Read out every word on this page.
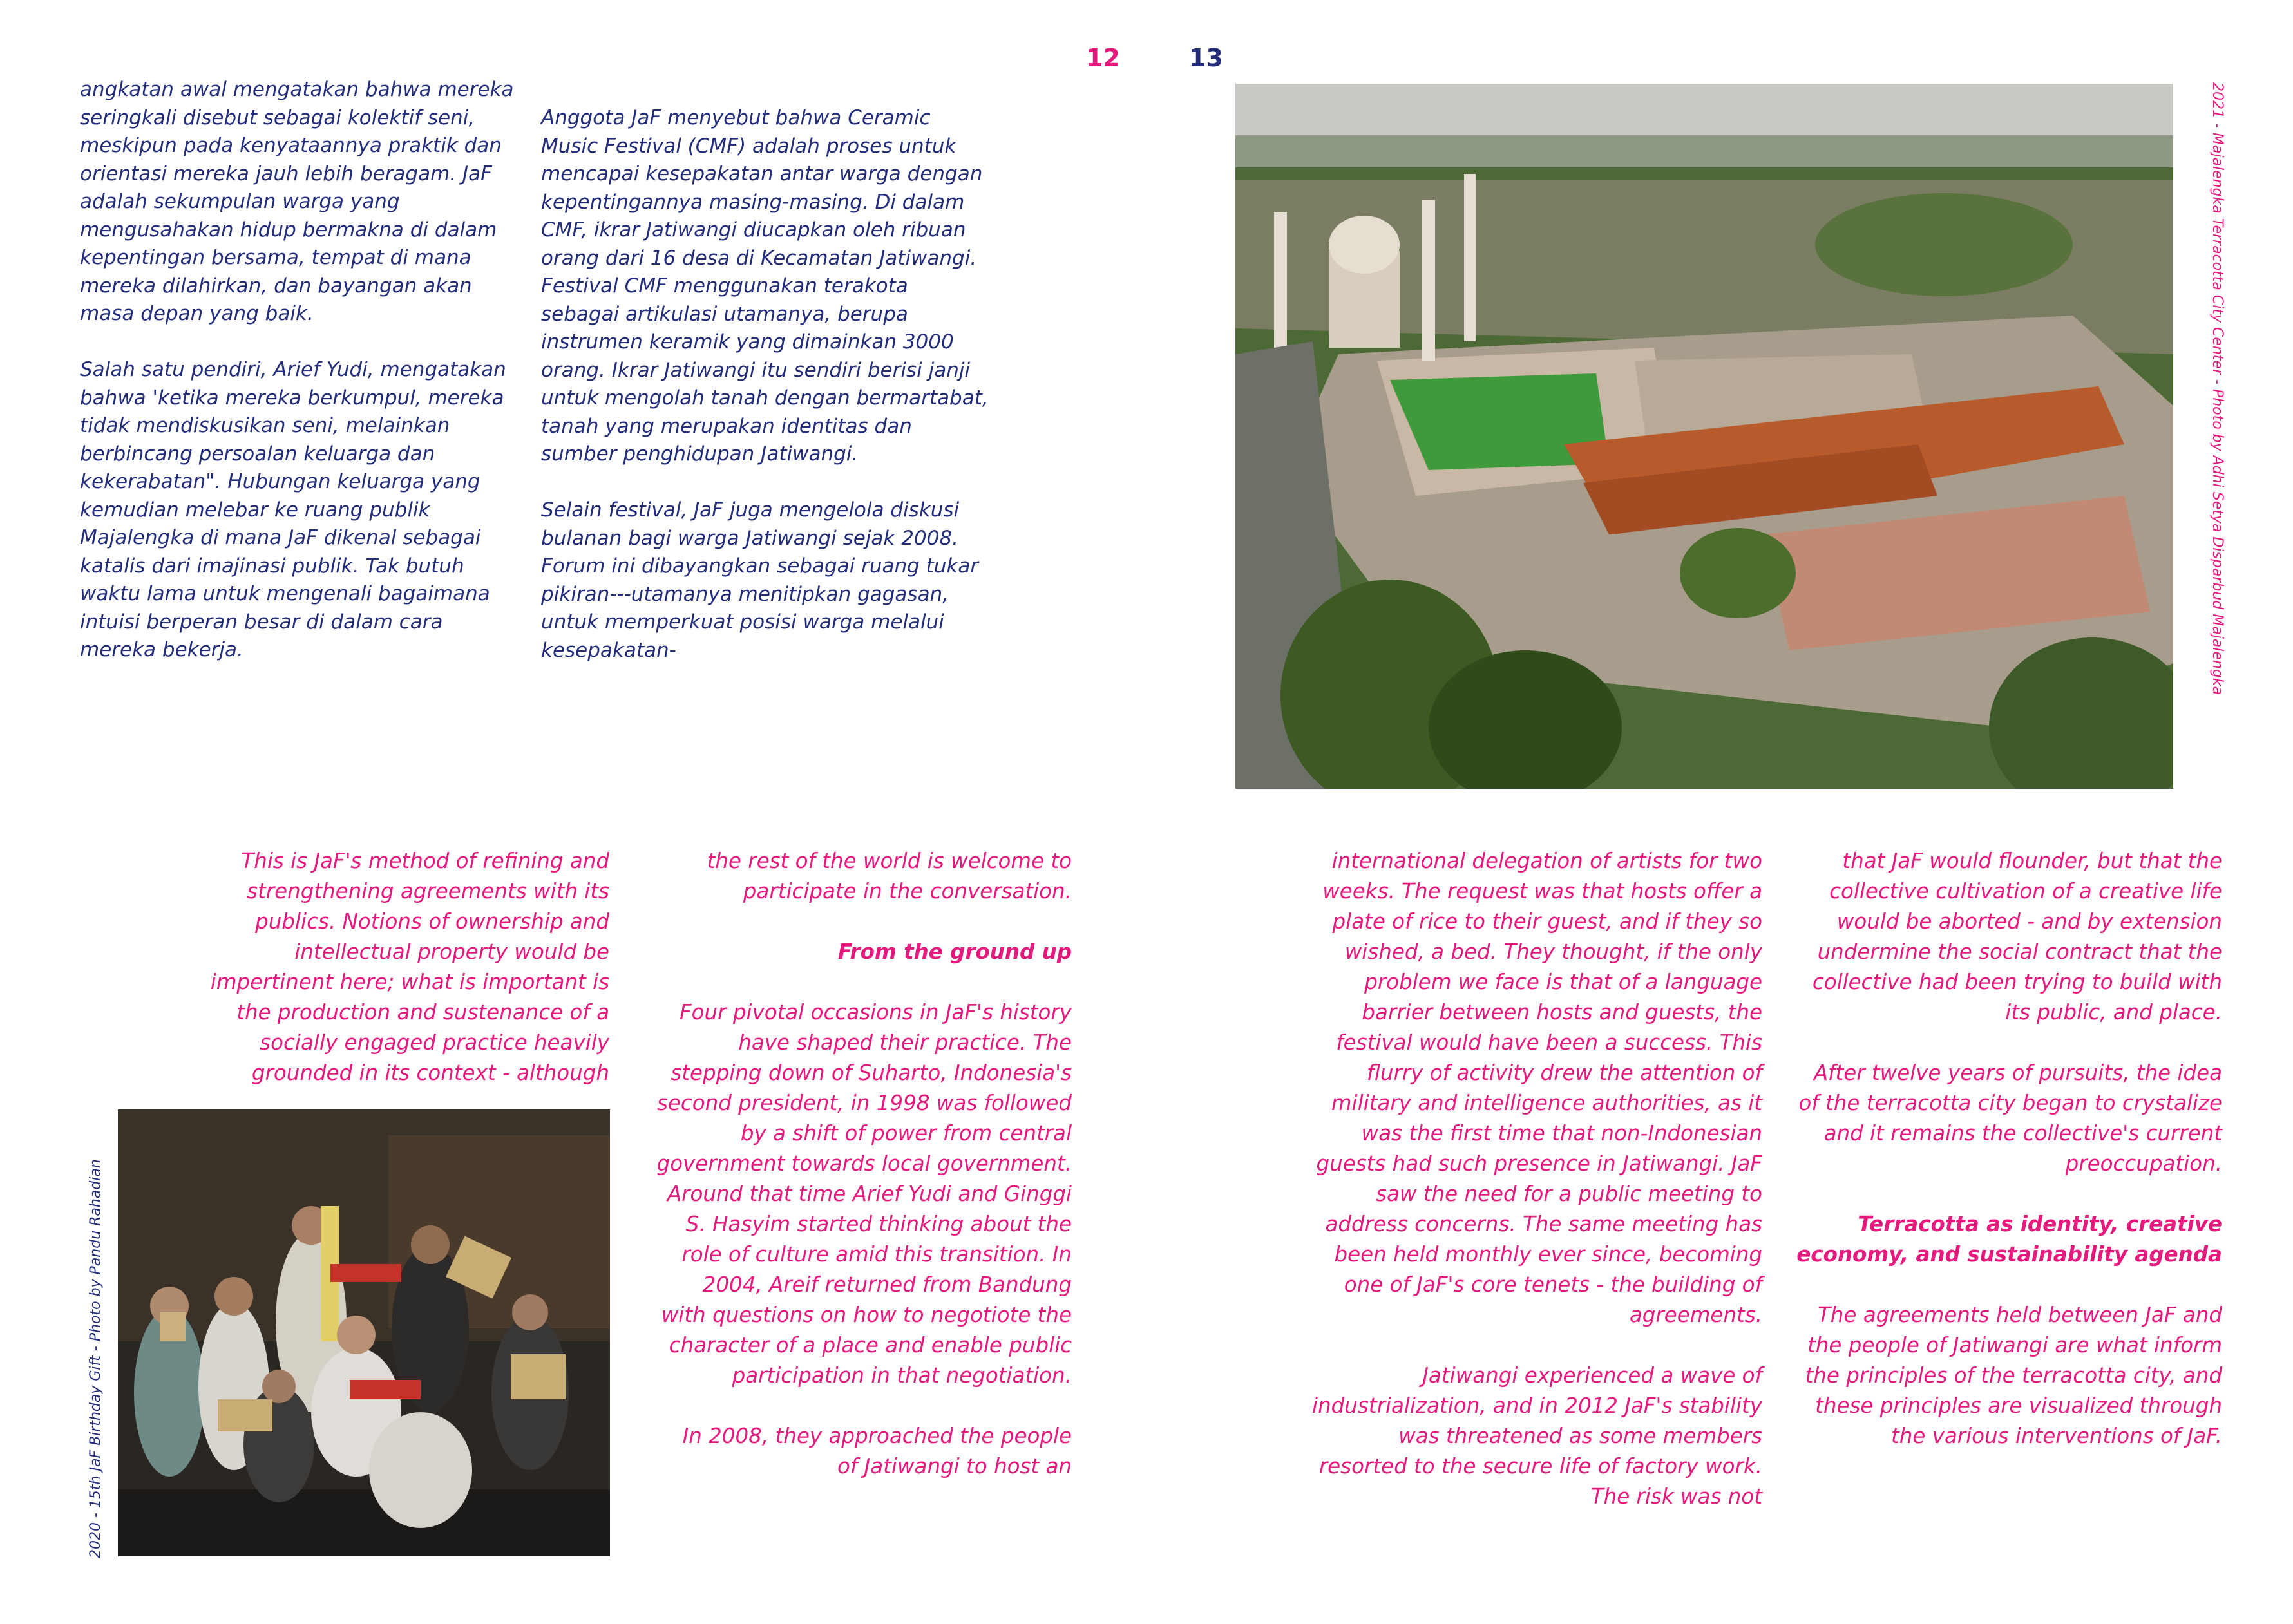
12	13

angkatan awal mengatakan bahwa mereka seringkali disebut sebagai kolektif seni, meskipun pada kenyataannya praktik dan orientasi mereka jauh lebih beragam. JaF adalah sekumpulan warga yang mengusahakan hidup bermakna di dalam kepentingan bersama, tempat di mana mereka dilahirkan, dan bayangan akan masa depan yang baik.

Salah satu pendiri, Arief Yudi, mengatakan bahwa 'ketika mereka berkumpul, mereka tidak mendiskusikan seni, melainkan berbincang persoalan keluarga dan kekerabatan". Hubungan keluarga yang kemudian melebar ke ruang publik Majalengka di mana JaF dikenal sebagai katalis dari imajinasi publik. Tak butuh waktu lama untuk mengenali bagaimana intuisi berperan besar di dalam cara mereka bekerja.

Anggota JaF menyebut bahwa Ceramic Music Festival (CMF) adalah proses untuk mencapai kesepakatan antar warga dengan kepentingannya masing-masing. Di dalam CMF, ikrar Jatiwangi diucapkan oleh ribuan orang dari 16 desa di Kecamatan Jatiwangi. Festival CMF menggunakan terakota sebagai artikulasi utamanya, berupa instrumen keramik yang dimainkan 3000 orang. Ikrar Jatiwangi itu sendiri berisi janji untuk mengolah tanah dengan bermartabat, tanah yang merupakan identitas dan sumber penghidupan Jatiwangi.

Selain festival, JaF juga mengelola diskusi bulanan bagi warga Jatiwangi sejak 2008. Forum ini dibayangkan sebagai ruang tukar pikiran---utamanya menitipkan gagasan, untuk memperkuat posisi warga melalui kesepakatan-	2021 - Majalengka Terracotta City Center - Photo by Adhi Setya Disparbud Majalengka

This is JaF's method of refining and strengthening agreements with its publics. Notions of ownership and intellectual property would be impertinent here; what is important is the production and sustenance of a socially engaged practice heavily grounded in its context - although

2020 - 15th JaF Birthday Gift - Photo by Pandu Rahadian

the rest of the world is welcome to participate in the conversation.

From the ground up

Four pivotal occasions in JaF's history have shaped their practice. The stepping down of Suharto, Indonesia's second president, in 1998 was followed by a shift of power from central government towards local government. Around that time Arief Yudi and Ginggi S. Hasyim started thinking about the role of culture amid this transition. In 2004, Areif returned from Bandung with questions on how to negotiote the character of a place and enable public participation in that negotiation.

In 2008, they approached the people of Jatiwangi to host an

international delegation of artists for two weeks. The request was that hosts offer a plate of rice to their guest, and if they so wished, a bed. They thought, if the only problem we face is that of a language barrier between hosts and guests, the festival would have been a success. This flurry of activity drew the attention of military and intelligence authorities, as it was the first time that non-Indonesian guests had such presence in Jatiwangi. JaF saw the need for a public meeting to address concerns. The same meeting has been held monthly ever since, becoming one of JaF's core tenets - the building of agreements.

Jatiwangi experienced a wave of industrialization, and in 2012 JaF's stability was threatened as some members resorted to the secure life of factory work. The risk was not

that JaF would flounder, but that the collective cultivation of a creative life would be aborted - and by extension undermine the social contract that the collective had been trying to build with its public, and place.

After twelve years of pursuits, the idea of the terracotta city began to crystalize and it remains the collective's current preoccupation.

Terracotta as identity, creative economy, and sustainability agenda

The agreements held between JaF and the people of Jatiwangi are what inform the principles of the terracotta city, and these principles are visualized through the various interventions of JaF.
